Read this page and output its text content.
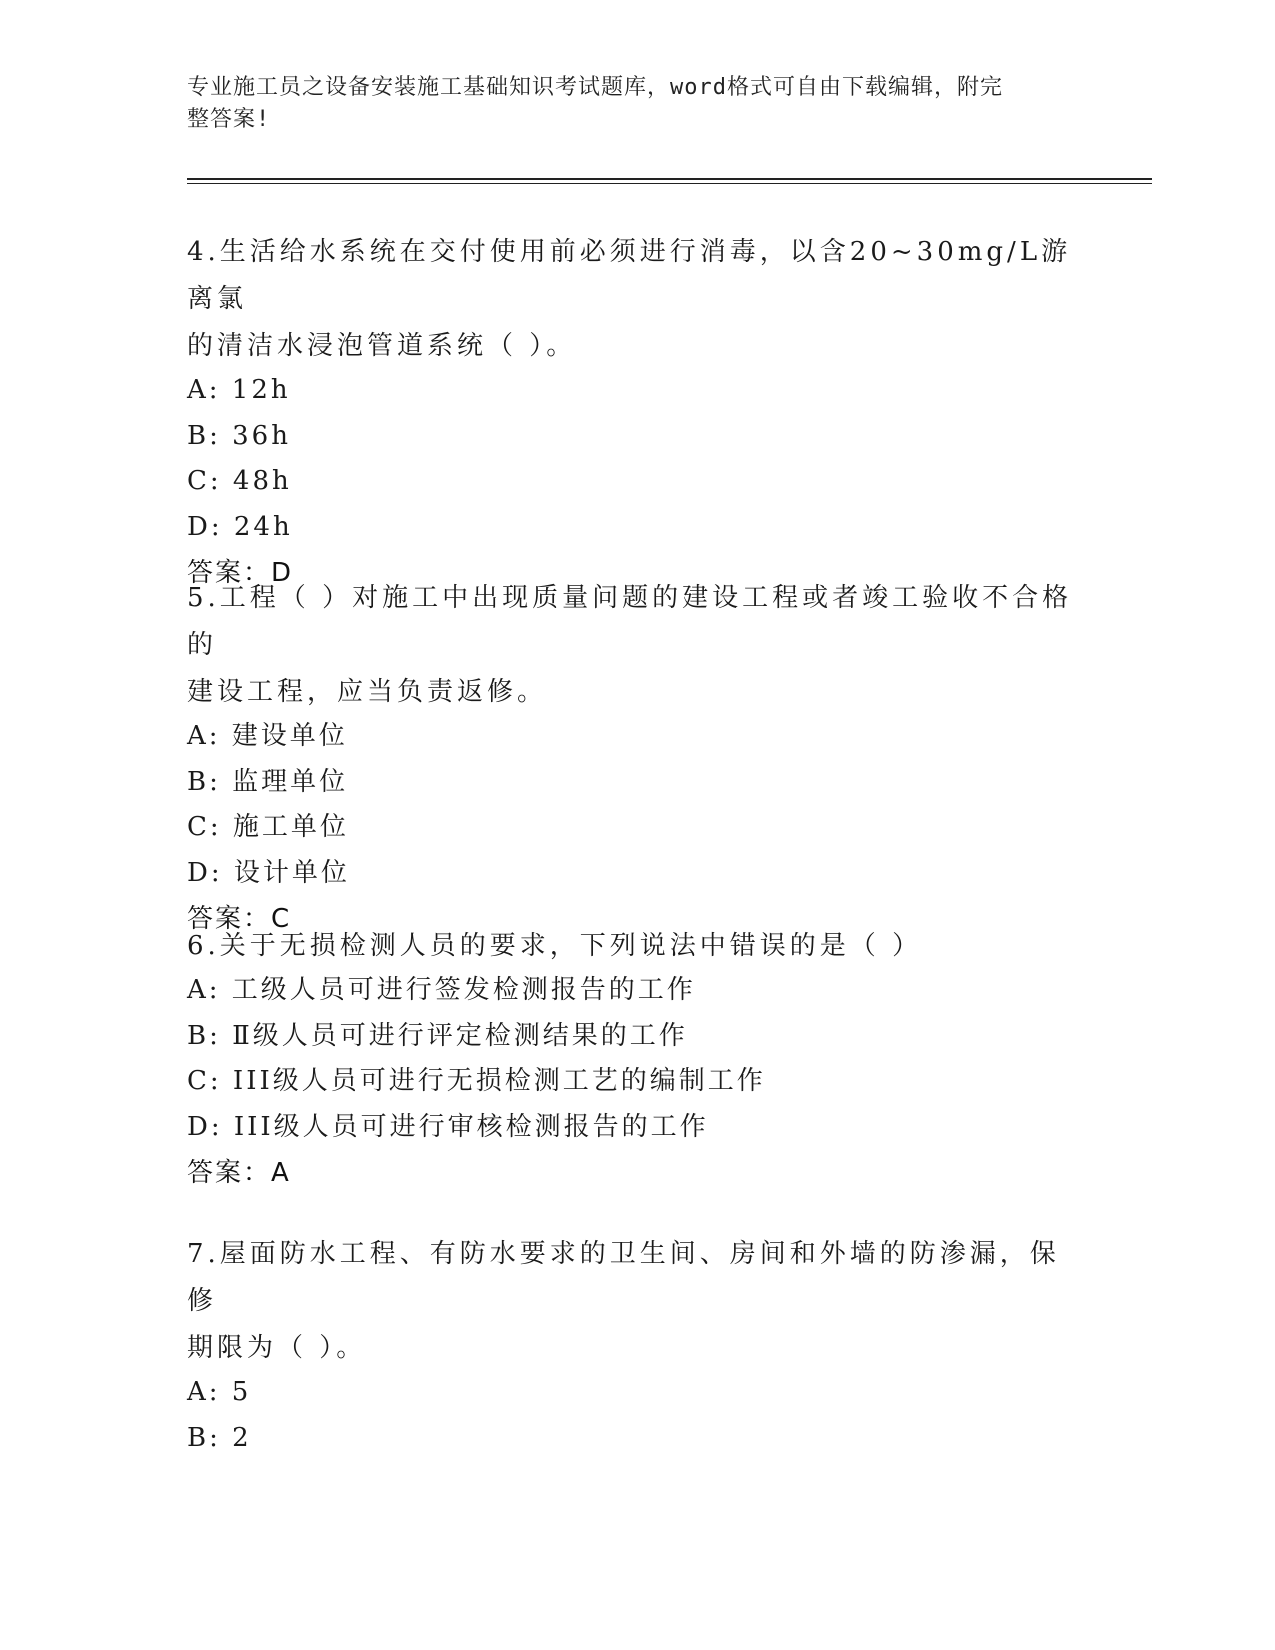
专业施工员之设备安装施工基础知识考试题库，word格式可自由下载编辑，附完
整答案!

4.生活给水系统在交付使用前必须进行消毒，以含20~30mg/L游离氯

的清洁水浸泡管道系统（ ）。

A: 12h

B: 36h

C: 48h

D: 24h

答案：D

5.工程（ ）对施工中出现质量问题的建设工程或者竣工验收不合格的

建设工程，应当负责返修。

A: 建设单位

B: 监理单位

C: 施工单位

D: 设计单位

答案：C

6.关于无损检测人员的要求，下列说法中错误的是（ ）

A: 工级人员可进行签发检测报告的工作

B: Ⅱ级人员可进行评定检测结果的工作

C: III级人员可进行无损检测工艺的编制工作

D: III级人员可进行审核检测报告的工作

答案：A

7.屋面防水工程、有防水要求的卫生间、房间和外墙的防渗漏，保修

期限为（ ）。

A: 5

B: 2
